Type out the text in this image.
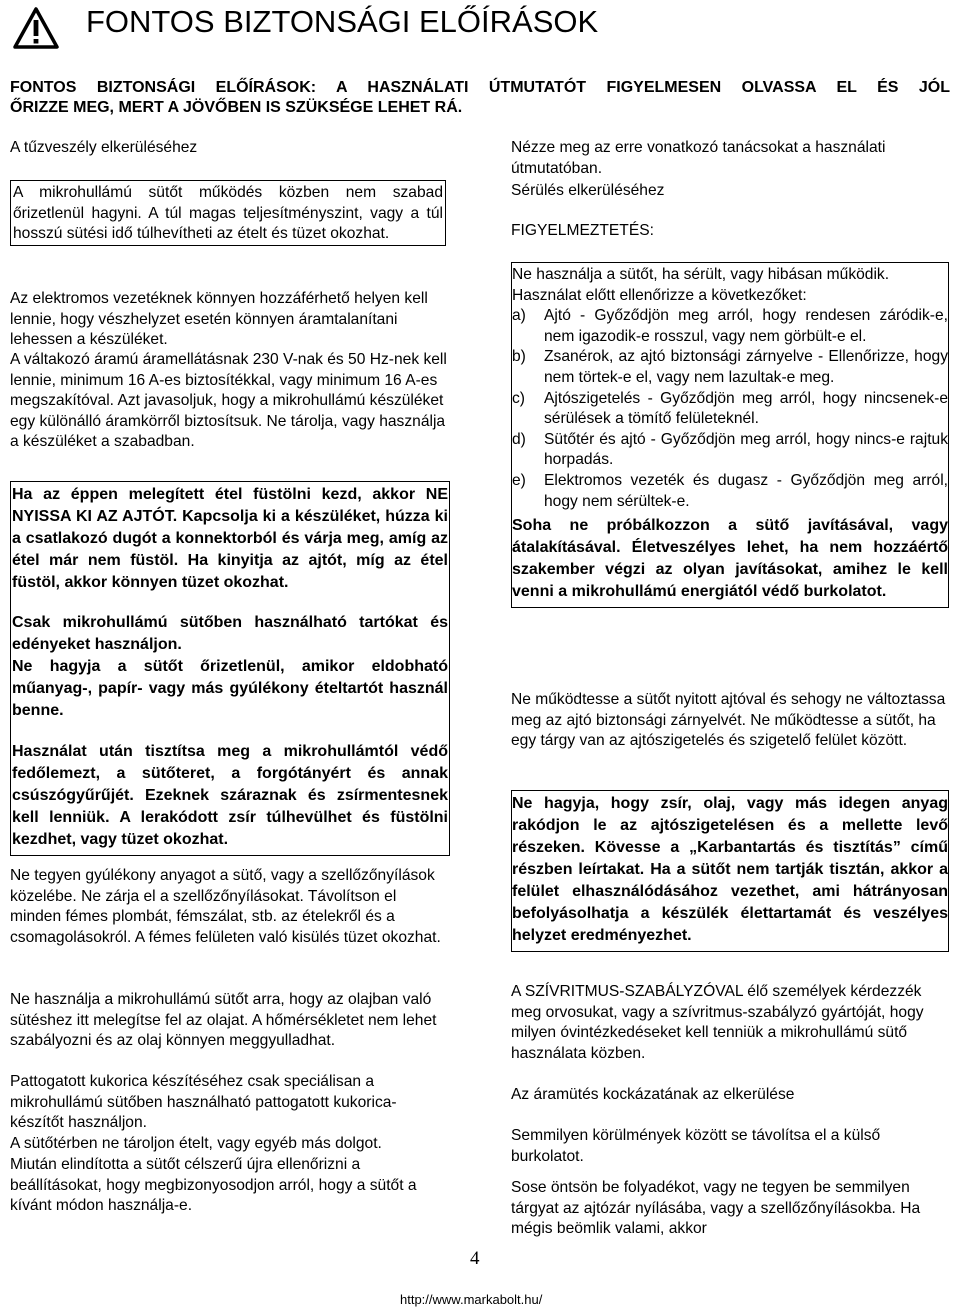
FONTOS BIZTONSÁGI ELŐÍRÁSOK
FONTOS BIZTONSÁGI ELŐÍRÁSOK: A HASZNÁLATI ÚTMUTATÓT FIGYELMESEN OLVASSA EL ÉS JÓL
ŐRIZZE MEG, MERT A JÖVŐBEN IS SZÜKSÉGE LEHET RÁ.
A tűzveszély elkerüléséhez
A mikrohullámú sütőt működés közben nem szabad őrizetlenül hagyni. A túl magas teljesítményszint, vagy a túl hosszú sütési idő túlhevítheti az ételt és tüzet okozhat.
Az elektromos vezetéknek könnyen hozzáférhető helyen kell lennie, hogy vészhelyzet esetén könnyen áramtalanítani lehessen a készüléket.
A váltakozó áramú áramellátásnak 230 V-nak és 50 Hz-nek kell lennie, minimum 16 A-es biztosítékkal, vagy minimum 16 A-es megszakítóval. Azt javasoljuk, hogy a mikrohullámú készüléket egy különálló áramkörről biztosítsuk. Ne tárolja, vagy használja a készüléket a szabadban.
Ha az éppen melegített étel füstölni kezd, akkor NE NYISSA KI AZ AJTÓT. Kapcsolja ki a készüléket, húzza ki a csatlakozó dugót a konnektorból és várja meg, amíg az étel már nem füstöl. Ha kinyitja az ajtót, míg az étel füstöl, akkor könnyen tüzet okozhat.
Csak mikrohullámú sütőben használható tartókat és edényeket használjon.
Ne hagyja a sütőt őrizetlenül, amikor eldobható műanyag-, papír- vagy más gyúlékony ételtartót használ benne.
Használat után tisztítsa meg a mikrohullámtól védő fedőlemezt, a sütőteret, a forgótányért és annak csúszógyűrűjét. Ezeknek száraznak és zsírmentesnek kell lenniük. A lerakódott zsír túlhevülhet és füstölni kezdhet, vagy tüzet okozhat.
Ne tegyen gyúlékony anyagot a sütő, vagy a szellőzőnyílások közelébe. Ne zárja el a szellőzőnyílásokat. Távolítson el minden fémes plombát, fémszálat, stb. az ételekről és a csomagolásokról. A fémes felületen való kisülés tüzet okozhat.
Ne használja a mikrohullámú sütőt arra, hogy az olajban való sütéshez itt melegítse fel az olajat. A hőmérsékletet nem lehet szabályozni és az olaj könnyen meggyulladhat.
Pattogatott kukorica készítéséhez csak speciálisan a mikrohullámú sütőben használható pattogatott kukorica-készítőt használjon.
A sütőtérben ne tároljon ételt, vagy egyéb más dolgot.
Miután elindította a sütőt célszerű újra ellenőrizni a beállításokat, hogy megbizonyosodjon arról, hogy a sütőt a kívánt módon használja-e.
Nézze meg az erre vonatkozó tanácsokat a használati útmutatóban.
Sérülés elkerüléséhez
FIGYELMEZTETÉS:
Ne használja a sütőt, ha sérült, vagy hibásan működik.
Használat előtt ellenőrizze a következőket:
a)	Ajtó - Győződjön meg arról, hogy rendesen záródik-e, nem igazodik-e rosszul, vagy nem görbült-e el.
b)	Zsanérok, az ajtó biztonsági zárnyelve - Ellenőrizze, hogy nem törtek-e el, vagy nem lazultak-e meg.
c)	Ajtószigetelés - Győződjön meg arról, hogy nincsenek-e sérülések a tömítő felületeknél.
d)	Sütőtér és ajtó - Győződjön meg arról, hogy nincs-e rajtuk horpadás.
e)	Elektromos vezeték és dugasz - Győződjön meg arról, hogy nem sérültek-e.
Soha ne próbálkozzon a sütő javításával, vagy átalakításával. Életveszélyes lehet, ha nem hozzáértő szakember végzi az olyan javításokat, amihez le kell venni a mikrohullámú energiától védő burkolatot.
Ne működtesse a sütőt nyitott ajtóval és sehogy ne változtassa meg az ajtó biztonsági zárnyelvét. Ne működtesse a sütőt, ha egy tárgy van az ajtószigetelés és szigetelő felület között.
Ne hagyja, hogy zsír, olaj, vagy más idegen anyag rakódjon le az ajtószigetelésen és a mellette levő részeken. Kövesse a „Karbantartás és tisztítás” című részben leírtakat. Ha a sütőt nem tartják tisztán, akkor a felület elhasználódásához vezethet, ami hátrányosan befolyásolhatja a készülék élettartamát és veszélyes helyzet eredményezhet.
A SZÍVRITMUS-SZABÁLYZÓVAL élő személyek kérdezzék meg orvosukat, vagy a szívritmus-szabályzó gyártóját, hogy milyen óvintézkedéseket kell tenniük a mikrohullámú sütő használata közben.
Az áramütés kockázatának az elkerülése
Semmilyen körülmények között se távolítsa el a külső burkolatot.
Sose öntsön be folyadékot, vagy ne tegyen be semmilyen tárgyat az ajtózár nyílásába, vagy a szellőzőnyílásokba. Ha mégis beömlik valami, akkor
4
http://www.markabolt.hu/
